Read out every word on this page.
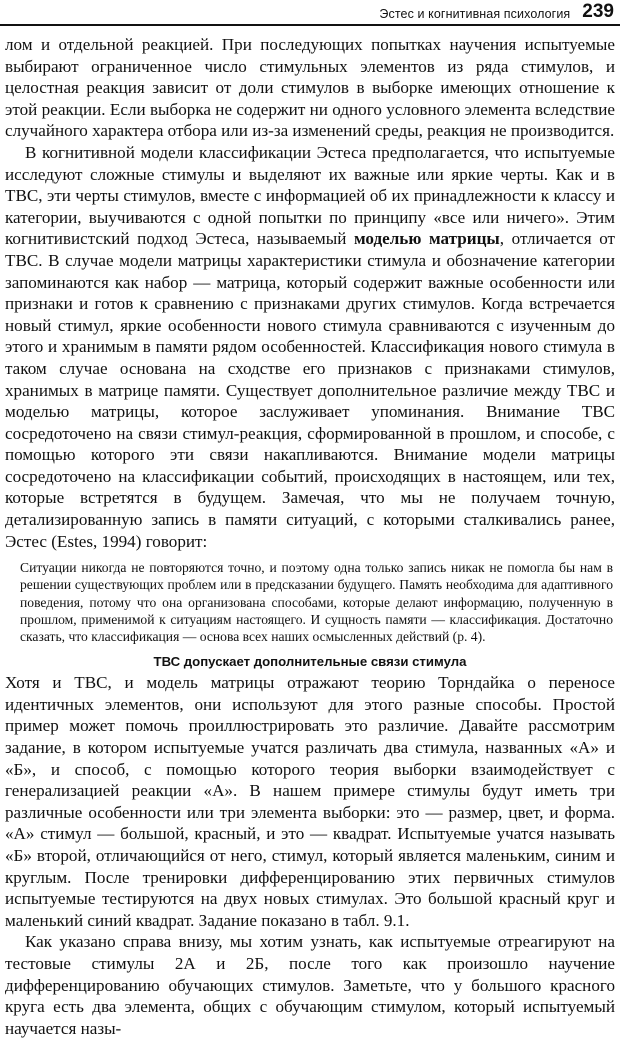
Эстес и когнитивная психология 239

лом и отдельной реакцией. При последующих попытках научения испытуемые выбирают ограниченное число стимульных элементов из ряда стимулов, и целостная реакция зависит от доли стимулов в выборке имеющих отношение к этой реакции. Если выборка не содержит ни одного условного элемента вследствие случайного характера отбора или из-за изменений среды, реакция не производится.

В когнитивной модели классификации Эстеса предполагается, что испытуемые исследуют сложные стимулы и выделяют их важные или яркие черты. Как и в ТВС, эти черты стимулов, вместе с информацией об их принадлежности к классу и категории, выучиваются с одной попытки по принципу «все или ничего». Этим когнитивистский подход Эстеса, называемый моделью матрицы, отличается от ТВС. В случае модели матрицы характеристики стимула и обозначение категории запоминаются как набор — матрица, который содержит важные особенности или признаки и готов к сравнению с признаками других стимулов. Когда встречается новый стимул, яркие особенности нового стимула сравниваются с изученным до этого и хранимым в памяти рядом особенностей. Классификация нового стимула в таком случае основана на сходстве его признаков с признаками стимулов, хранимых в матрице памяти. Существует дополнительное различие между ТВС и моделью матрицы, которое заслуживает упоминания. Внимание ТВС сосредоточено на связи стимул-реакция, сформированной в прошлом, и способе, с помощью которого эти связи накапливаются. Внимание модели матрицы сосредоточено на классификации событий, происходящих в настоящем, или тех, которые встретятся в будущем. Замечая, что мы не получаем точную, детализированную запись в памяти ситуаций, с которыми сталкивались ранее, Эстес (Estes, 1994) говорит:

Ситуации никогда не повторяются точно, и поэтому одна только запись никак не помогла бы нам в решении существующих проблем или в предсказании будущего. Память необходима для адаптивного поведения, потому что она организована способами, которые делают информацию, полученную в прошлом, применимой к ситуациям настоящего. И сущность памяти — классификация. Достаточно сказать, что классификация — основа всех наших осмысленных действий (p. 4).

ТВС допускает дополнительные связи стимула

Хотя и ТВС, и модель матрицы отражают теорию Торндайка о переносе идентичных элементов, они используют для этого разные способы. Простой пример может помочь проиллюстрировать это различие. Давайте рассмотрим задание, в котором испытуемые учатся различать два стимула, названных «А» и «Б», и способ, с помощью которого теория выборки взаимодействует с генерализацией реакции «А». В нашем примере стимулы будут иметь три различные особенности или три элемента выборки: это — размер, цвет, и форма. «А» стимул — большой, красный, и это — квадрат. Испытуемые учатся называть «Б» второй, отличающийся от него, стимул, который является маленьким, синим и круглым. После тренировки дифференцированию этих первичных стимулов испытуемые тестируются на двух новых стимулах. Это большой красный круг и маленький синий квадрат. Задание показано в табл. 9.1.

Как указано справа внизу, мы хотим узнать, как испытуемые отреагируют на тестовые стимулы 2А и 2Б, после того как произошло научение дифференцированию обучающих стимулов. Заметьте, что у большого красного круга есть два элемента, общих с обучающим стимулом, который испытуемый научается назы-
